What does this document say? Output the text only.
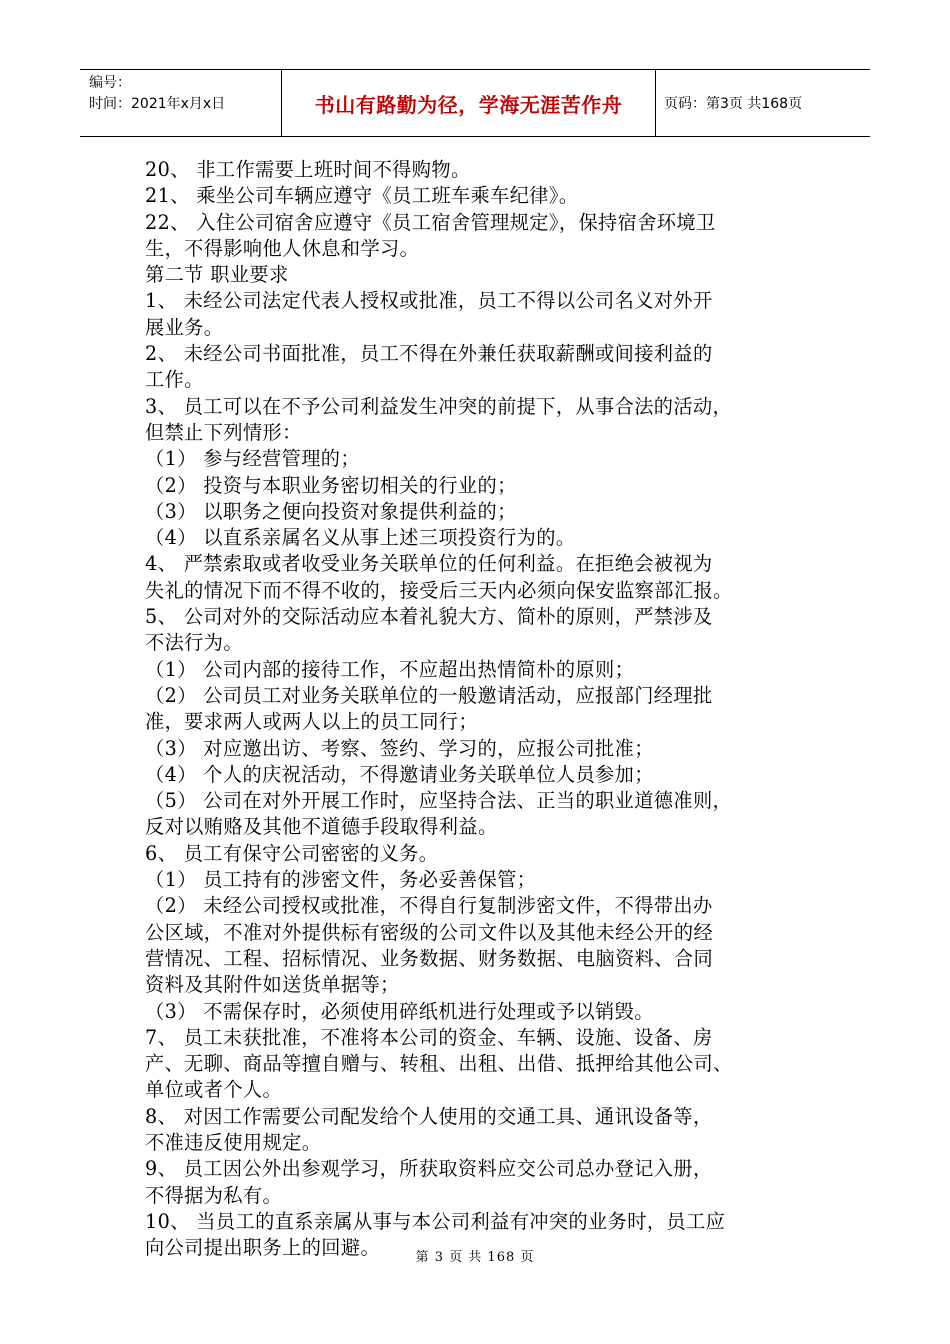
编号：
时间：2021年x月x日	书山有路勤为径，学海无涯苦作舟	页码：第3页 共168页
20、 非工作需要上班时间不得购物。
21、 乘坐公司车辆应遵守《员工班车乘车纪律》。
22、 入住公司宿舍应遵守《员工宿舍管理规定》，保持宿舍环境卫
生，不得影响他人休息和学习。
第二节 职业要求
1、 未经公司法定代表人授权或批准，员工不得以公司名义对外开
展业务。
2、 未经公司书面批准，员工不得在外兼任获取薪酬或间接利益的
工作。
3、 员工可以在不予公司利益发生冲突的前提下，从事合法的活动，
但禁止下列情形：
（1） 参与经营管理的；
（2） 投资与本职业务密切相关的行业的；
（3） 以职务之便向投资对象提供利益的；
（4） 以直系亲属名义从事上述三项投资行为的。
4、 严禁索取或者收受业务关联单位的任何利益。在拒绝会被视为
失礼的情况下而不得不收的，接受后三天内必须向保安监察部汇报。
5、 公司对外的交际活动应本着礼貌大方、简朴的原则，严禁涉及
不法行为。
（1） 公司内部的接待工作，不应超出热情简朴的原则；
（2） 公司员工对业务关联单位的一般邀请活动，应报部门经理批
准，要求两人或两人以上的员工同行；
（3） 对应邀出访、考察、签约、学习的，应报公司批准；
（4） 个人的庆祝活动，不得邀请业务关联单位人员参加；
（5） 公司在对外开展工作时，应坚持合法、正当的职业道德准则，
反对以贿赂及其他不道德手段取得利益。
6、 员工有保守公司密密的义务。
（1） 员工持有的涉密文件，务必妥善保管；
（2） 未经公司授权或批准，不得自行复制涉密文件，不得带出办
公区域，不准对外提供标有密级的公司文件以及其他未经公开的经
营情况、工程、招标情况、业务数据、财务数据、电脑资料、合同
资料及其附件如送货单据等；
（3） 不需保存时，必须使用碎纸机进行处理或予以销毁。
7、 员工未获批准，不准将本公司的资金、车辆、设施、设备、房
产、无聊、商品等擅自赠与、转租、出租、出借、抵押给其他公司、
单位或者个人。
8、 对因工作需要公司配发给个人使用的交通工具、通讯设备等，
不准违反使用规定。
9、 员工因公外出参观学习，所获取资料应交公司总办登记入册，
不得据为私有。
10、 当员工的直系亲属从事与本公司利益有冲突的业务时，员工应
向公司提出职务上的回避。	第 3 页 共 168 页
